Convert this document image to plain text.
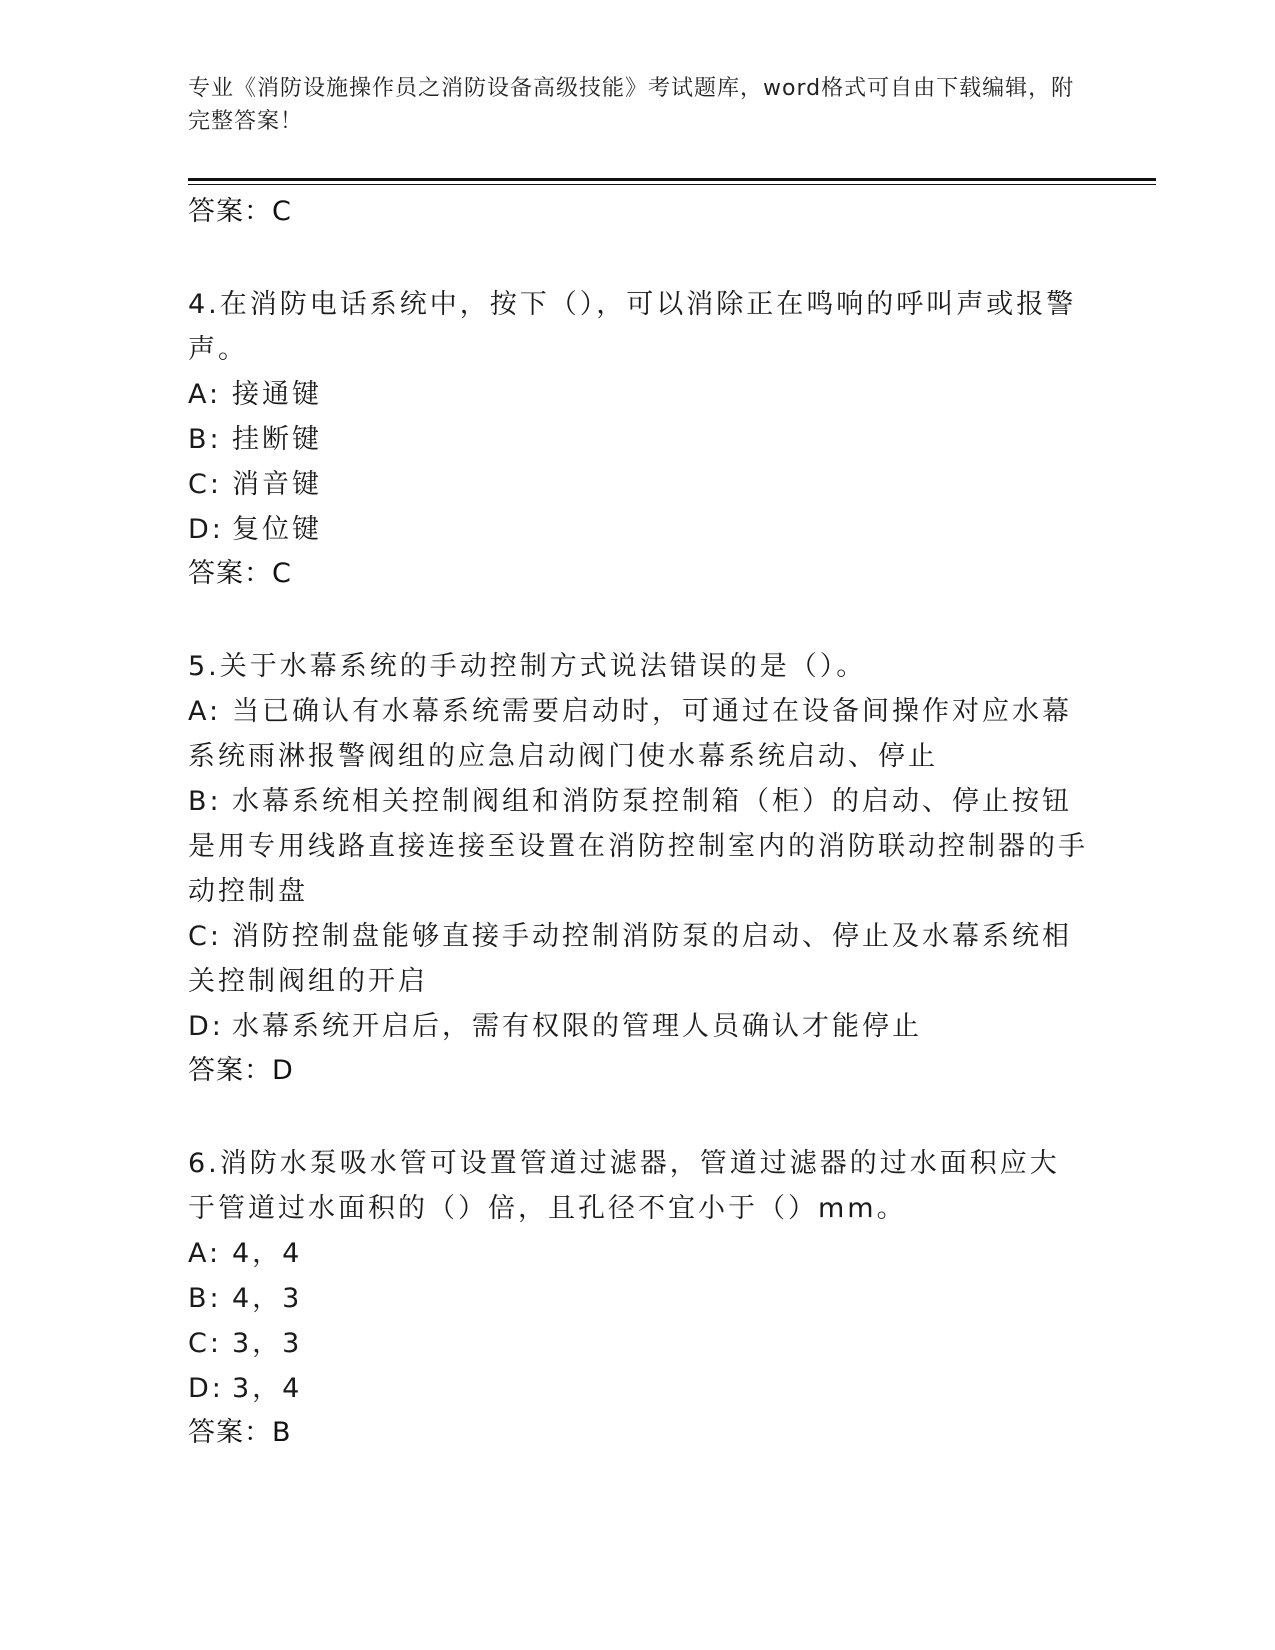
专业《消防设施操作员之消防设备高级技能》考试题库，word格式可自由下载编辑，附完整答案！
答案：C
4.在消防电话系统中，按下（），可以消除正在鸣响的呼叫声或报警声。
A: 接通键
B: 挂断键
C: 消音键
D: 复位键
答案：C
5.关于水幕系统的手动控制方式说法错误的是（）。
A: 当已确认有水幕系统需要启动时，可通过在设备间操作对应水幕系统雨淋报警阀组的应急启动阀门使水幕系统启动、停止
B: 水幕系统相关控制阀组和消防泵控制箱（柜）的启动、停止按钮是用专用线路直接连接至设置在消防控制室内的消防联动控制器的手动控制盘
C: 消防控制盘能够直接手动控制消防泵的启动、停止及水幕系统相关控制阀组的开启
D: 水幕系统开启后，需有权限的管理人员确认才能停止
答案：D
6.消防水泵吸水管可设置管道过滤器，管道过滤器的过水面积应大于管道过水面积的（）倍，且孔径不宜小于（）mm。
A: 4，4
B: 4，3
C: 3，3
D: 3，4
答案：B
